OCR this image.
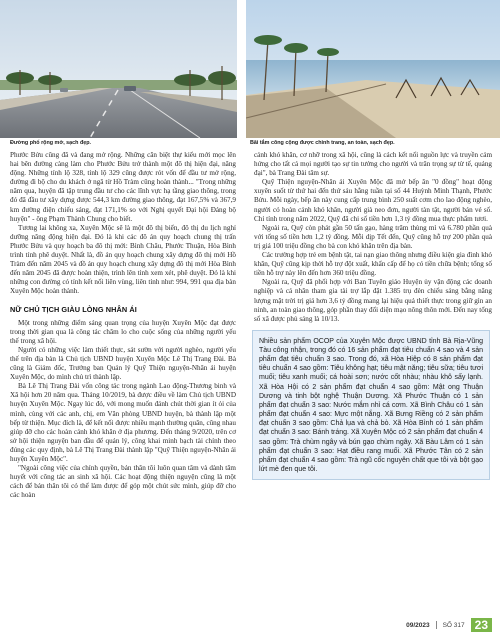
Đường phố rộng mở, sạch đẹp.	Bãi tắm công cộng được chỉnh trang, an toàn, sạch đẹp.

Phước Bửu cũng đã và đang mở rộng. Những căn biệt thự kiểu mới mọc lên hai bên đường càng làm cho Phước Bửu trở thành một đô thị hiện đại, năng động. Những tính lộ 328, tỉnh lộ 329 cũng được rót vốn để đầu tư mở rộng, đường đi bộ cho du khách ở ngã từ Hồ Tràm cũng hoàn thành... "Trong những năm qua, huyện đã tập trung đầu tư cho các lĩnh vực hạ tầng giao thông, trong đó đã đầu tư xây dựng được 544,3 km đường giao thông, đạt 167,5% và 367,9 km đường điện chiếu sáng, đạt 171,1% so với Nghị quyết Đại hội Đảng bộ huyện" - ông Phạm Thành Chung cho biết.

Tương lai không xa, Xuyên Mộc sẽ là một đô thị biển, đô thị du lịch nghỉ dưỡng năng động hiện đại. Đó là khi các đô án quy hoạch chung thị trấn Phước Bửu và quy hoạch ba đô thị mới: Bình Châu, Phước Thuận, Hòa Bình trình tỉnh phê duyệt. Nhất là, đồ án quy hoạch chung xây dựng đô thị mới Hồ Tràm đến năm 2045 và đồ án quy hoạch chung xây dựng đô thị mới Hòa Bình đến năm 2045 đã được hoàn thiện, trình lên tỉnh xem xét, phê duyệt. Đó là khi những con đường có tính kết nối liên vùng, liên tỉnh như: 994, 991 qua địa bàn Xuyên Mộc hoàn thành.

NỮ CHỦ TỊCH GIÀU LÒNG NHÂN ÁI

Một trong những điểm sáng quan trọng của huyện Xuyên Mộc đạt được trong thời gian qua là công tác chăm lo cho cuộc sống của những người yếu thế trong xã hội.

Người có những việc làm thiết thực, sát sườn với người nghèo, người yếu thế trên địa bàn là Chủ tịch UBND huyện Xuyên Mộc Lê Thị Trang Đài. Bà cũng là Giám đốc, Trưởng ban Quản lý Quỹ Thiện nguyện-Nhân ái huyện Xuyên Mộc, do mình chủ trì thành lập.

Bà Lê Thị Trang Đài vốn công tác trong ngành Lao động-Thương binh và Xã hội hơn 20 năm qua. Tháng 10/2019, bà được điều về làm Chủ tịch UBND huyện Xuyên Mộc. Ngay lúc đó, với mong muốn đánh chút thời gian ít ỏi của mình, cùng với các anh, chị, em Văn phòng UBND huyện, bà thành lập một bếp từ thiện. Mục đích là, để kết nối được nhiều mạnh thường quân, cũng nhau giúp đỡ cho các hoàn cảnh khó khăn ở địa phương. Đến tháng 9/2020, trên cơ sở hội thiện nguyện ban đầu để quản lý, công khai minh bạch tài chính theo đúng các quy định, bà Lê Thị Trang Đài thành lập "Quỹ Thiện nguyện-Nhân ái huyện Xuyên Mộc".

"Ngoài công việc của chính quyền, bản thân tôi luôn quan tâm và dành tâm huyết với công tác an sinh xã hội. Các hoạt động thiện nguyện cũng là một cách để bản thân tôi có thể làm được để góp một chút sức mình, giúp đỡ cho các hoàn

cảnh khó khăn, cơ nhỡ trong xã hội, cũng là cách kết nối nguồn lực và truyền cảm hứng cho tất cả mọi người tạo sự tin tưởng cho người và trân trọng sự từ tế, quảng đại", bà Trang Đài tâm sự.

Quỹ Thiện nguyện-Nhân ái Xuyên Mộc đã mở bếp ăn "0 đồng" hoạt động xuyên suốt từ thứ hai đến thứ sáu hằng tuần tại số 44 Huỳnh Minh Thạnh, Phước Bửu. Mỗi ngày, bếp ăn này cung cấp trung bình 250 suất cơm cho lao động nghèo, người có hoàn cảnh khó khăn, người già neo đơn, người tàn tật, người bán vé số. Chỉ tính trong năm 2022, Quỹ đã chi số tiền hơn 1,3 tỷ đồng mua thực phẩm tươi.

Ngoài ra, Quỹ còn phát gần 50 tấn gạo, hàng trăm thùng mì và 6.780 phần quà với tổng số tiền hơn 1,2 tỷ đồng. Mỗi dịp Tết đến, Quỹ cũng hỗ trợ 200 phần quà trị giá 100 triệu đồng cho bà con khó khăn trên địa bàn.

Các trường hợp trẻ em bệnh tật, tai nạn giao thông nhưng điều kiện gia đình khó khăn, Quỹ cũng kịp thời hỗ trợ đột xuất, khẩn cấp để họ có tiền chữa bệnh; tổng số tiền hỗ trợ này lên đến hơn 360 triệu đồng.

Ngoài ra, Quỹ đã phối hợp với Ban Tuyên giáo Huyện ủy vận động các doanh nghiệp và cá nhân tham gia tài trợ lắp đặt 1.385 trụ đèn chiếu sáng bằng năng lượng mặt trời trị giá hơn 3,6 tỷ đồng mang lại hiệu quả thiết thực trong giữ gìn an ninh, an toàn giao thông, góp phần thay đổi diện mạo nông thôn mới. Đến nay tổng số xã được phủ sáng là 10/13.

Nhiều sản phẩm OCOP của Xuyên Mộc được UBND tỉnh Bà Rịa-Vũng Tàu công nhận, trong đó có 16 sản phẩm đạt tiêu chuẩn 4 sao và 4 sản phẩm đạt tiêu chuẩn 3 sao. Trong đó, xã Hòa Hiệp có 8 sản phẩm đạt tiêu chuẩn 4 sao gồm: Tiêu không hạt; tiêu mật năng; tiêu sữa; tiêu tươi muối; tiêu xanh muối; cá hoài sơn; nước cốt nhàu; nhàu khô sấy lạnh. Xã Hòa Hội có 2 sản phẩm đạt chuẩn 4 sao gồm: Mật ong Thuận Dương và tinh bột nghệ Thuận Dương. Xã Phước Thuận có 1 sản phẩm đạt chuẩn 3 sao: Nước mắm nhỉ cá cơm. Xã Bình Châu có 1 sản phẩm đạt chuẩn 4 sao: Mực một nắng. Xã Bưng Riềng có 2 sản phẩm đạt chuẩn 3 sao gồm: Chả lụa và chả bò. Xã Hòa Bình có 1 sản phẩm đạt chuẩn 3 sao: Bánh tráng. Xã Xuyên Mộc có 2 sản phẩm đạt chuẩn 4 sao gồm: Trà chùm ngây và bún gạo chùm ngây. Xã Bàu Lâm có 1 sản phẩm đạt chuẩn 3 sao: Hạt điều rang muối. Xã Phước Tân có 2 sản phẩm đạt chuẩn 4 sao gồm: Trà ngũ cốc nguyên chất que tôi và bột gạo lứt mè đen que tôi.
09/2023 SỐ 317 23
